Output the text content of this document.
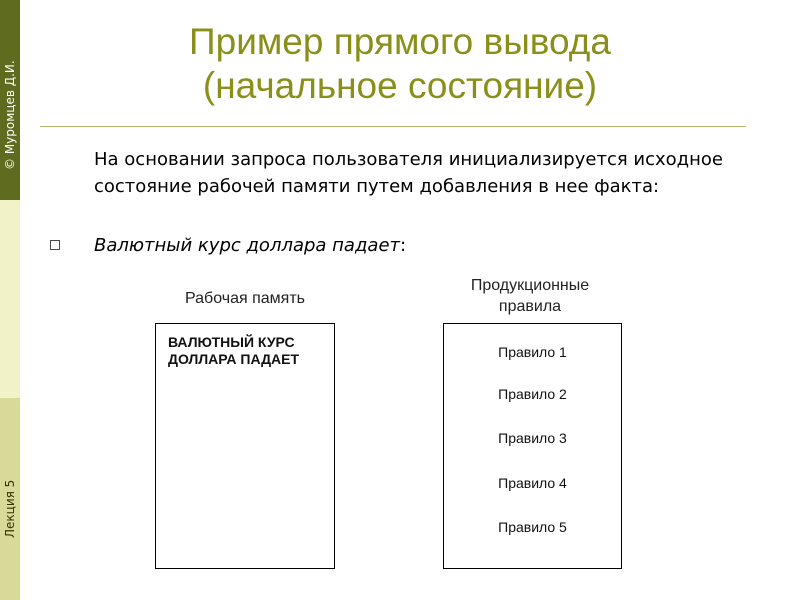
© Муромцев Д.И.
Лекция 5
Пример прямого вывода
(начальное состояние)
На основании запроса пользователя инициализируется исходное состояние рабочей памяти путем добавления в нее факта:
Валютный курс доллара падает:
Рабочая память
ВАЛЮТНЫЙ КУРС
ДОЛЛАРА ПАДАЕТ
Продукционные
правила
Правило 1
Правило 2
Правило 3
Правило 4
Правило 5
